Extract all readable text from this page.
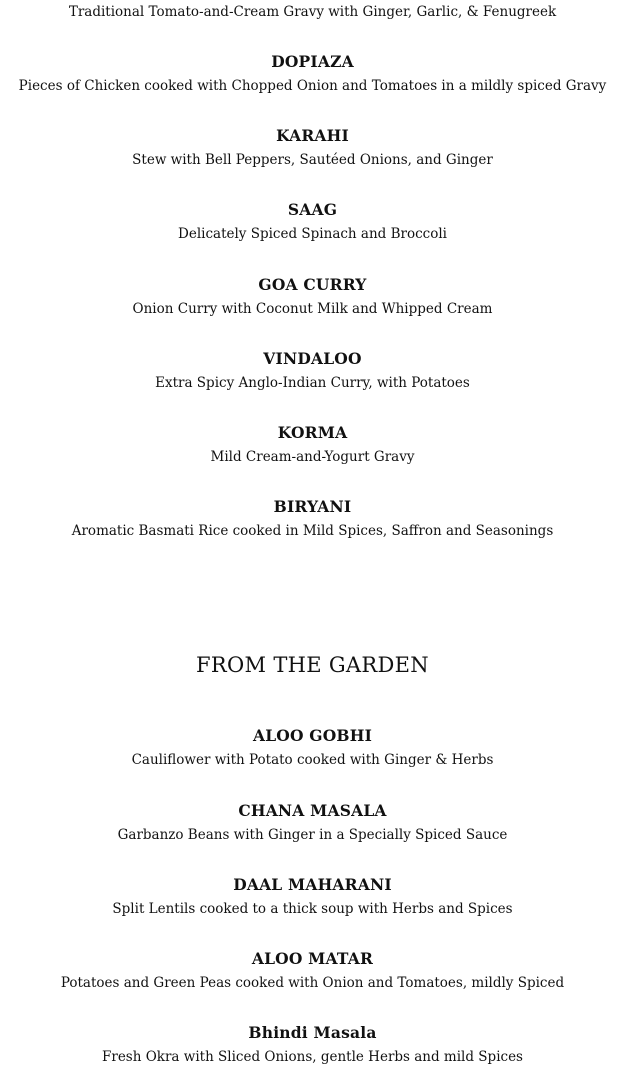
Traditional Tomato-and-Cream Gravy with Ginger, Garlic, & Fenugreek
DOPIAZA
Pieces of Chicken cooked with Chopped Onion and Tomatoes in a mildly spiced Gravy
KARAHI
Stew with Bell Peppers, Sautéed Onions, and Ginger
SAAG
Delicately Spiced Spinach and Broccoli
GOA CURRY
Onion Curry with Coconut Milk and Whipped Cream
VINDALOO
Extra Spicy Anglo-Indian Curry, with Potatoes
KORMA
Mild Cream-and-Yogurt Gravy
BIRYANI
Aromatic Basmati Rice cooked in Mild Spices, Saffron and Seasonings
FROM THE GARDEN
ALOO GOBHI
Cauliflower with Potato cooked with Ginger & Herbs
CHANA MASALA
Garbanzo Beans with Ginger in a Specially Spiced Sauce
DAAL MAHARANI
Split Lentils cooked to a thick soup with Herbs and Spices
ALOO MATAR
Potatoes and Green Peas cooked with Onion and Tomatoes, mildly Spiced
Bhindi Masala
Fresh Okra with Sliced Onions, gentle Herbs and mild Spices
